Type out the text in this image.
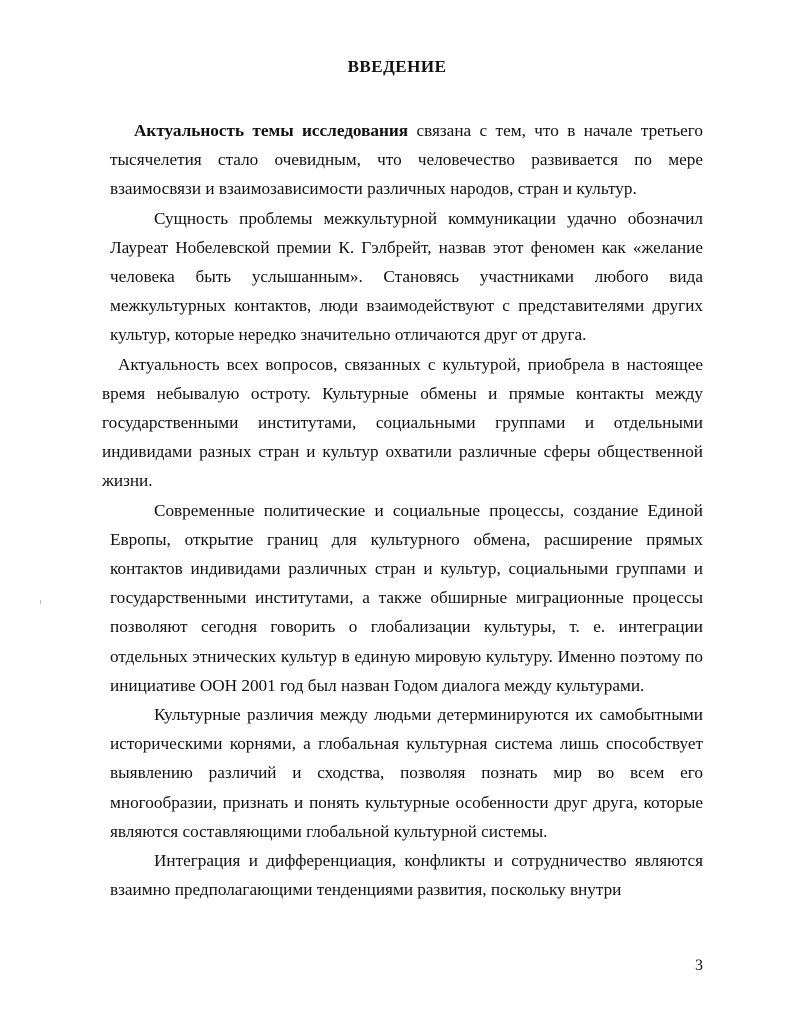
ВВЕДЕНИЕ

Актуальность темы исследования связана с тем, что в начале третьего тысячелетия стало очевидным, что человечество развивается по мере взаимосвязи и взаимозависимости различных народов, стран и культур.

Сущность проблемы межкультурной коммуникации удачно обозначил Лауреат Нобелевской премии К. Гэлбрейт, назвав этот феномен как «желание человека быть услышанным». Становясь участниками любого вида межкультурных контактов, люди взаимодействуют с представителями других культур, которые нередко значительно отличаются друг от друга.

Актуальность всех вопросов, связанных с культурой, приобрела в настоящее время небывалую остроту. Культурные обмены и прямые контакты между государственными институтами, социальными группами и отдельными индивидами разных стран и культур охватили различные сферы общественной жизни.

Современные политические и социальные процессы, создание Единой Европы, открытие границ для культурного обмена, расширение прямых контактов индивидами различных стран и культур, социальными группами и государственными институтами, а также обширные миграционные процессы позволяют сегодня говорить о глобализации культуры, т. е. интеграции отдельных этнических культур в единую мировую культуру. Именно поэтому по инициативе ООН 2001 год был назван Годом диалога между культурами.

Культурные различия между людьми детерминируются их самобытными историческими корнями, а глобальная культурная система лишь способствует выявлению различий и сходства, позволяя познать мир во всем его многообразии, признать и понять культурные особенности друг друга, которые являются составляющими глобальной культурной системы.

Интеграция и дифференциация, конфликты и сотрудничество являются взаимно предполагающими тенденциями развития, поскольку внутри

3
